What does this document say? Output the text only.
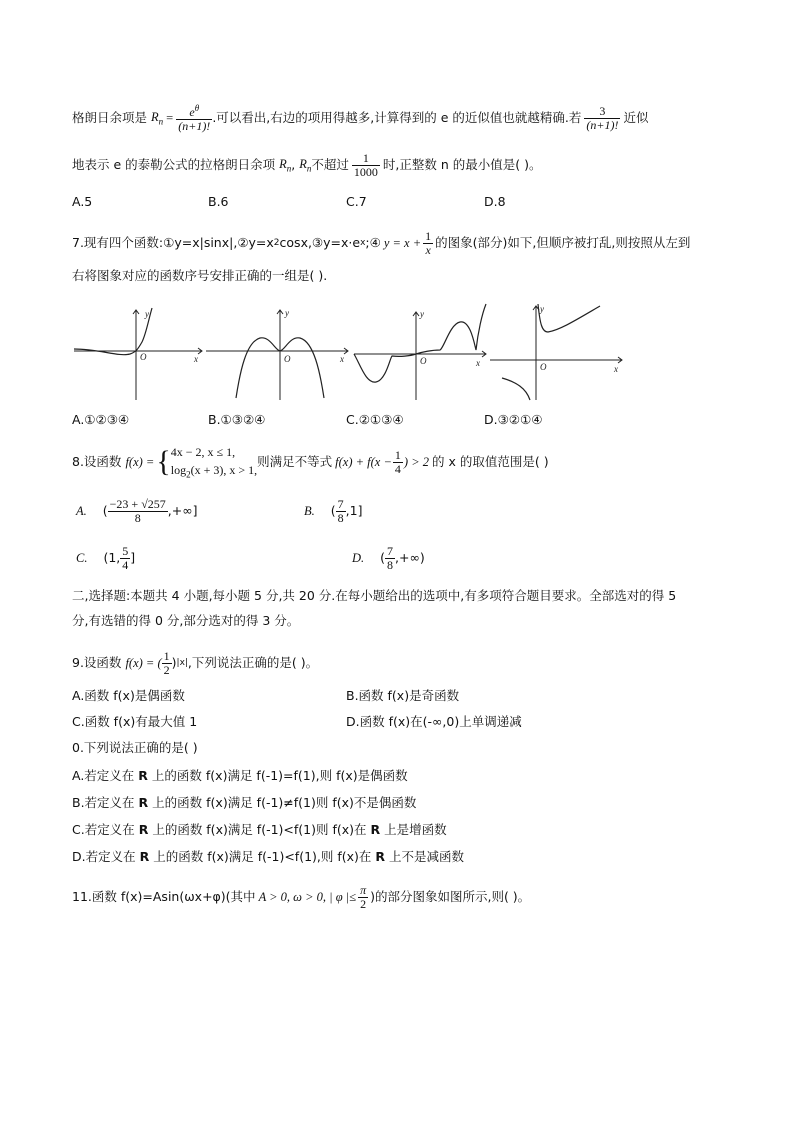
格朗日余项是 $R_n = \frac{e^\theta}{(n+1)!}$ .可以看出,右边的项用得越多,计算得到的 e 的近似值也就越精确.若 $\frac{3}{(n+1)!}$ 近似
地表示 e 的泰勒公式的拉格朗日余项 $R_n$ , $R_n$ 不超过 $\frac{1}{1000}$ 时,正整数 n 的最小值是( ) 。
A.5	B.6	C.7	D.8
7.现有四个函数:①y=x|sinx|,②y=x 2 cosx,③y=x·e x ;④ $y = x + \frac{1}{x}$ 的图象(部分)如下,但顺序被打乱,则按照从左到
右将图象对应的函数序号安排正确的一组是( ).
y
x
O
y
x
O
y
x
O
y
x
O
A.①②③④	B.①③②④	C.②①③④	D.③②①④
8.设函数 f(x) = { 4x − 2, x ≤ 1,
$\log_2(x + 3)$, x > 1,
则满足不等式 $f(x) + f(x - \frac{1}{4}$ ) > 2 的 x 的取值范围是( )
A. ( $\frac{-23 + √257}{8}$ ,+∞]	B. ( $\frac{7}{8} ,1$]
C. (1, $\frac{5}{4}$ ]	D. ( $\frac{7}{8}$ ,+∞)
二,选择题:本题共 4 小题,每小题 5 分,共 20 分.在每小题给出的选项中,有多项符合题目要求。全部选对的得 5
分,有选错的得 0 分,部分选对的得 3 分。
9.设函数 f(x) = ( $\frac{1}{2}$ ) |x| ,下列说法正确的是( ) 。
A.函数 f(x)是偶函数	B.函数 f(x)是奇函数
C.函数 f(x)有最大值 1	D.函数 f(x)在(-∞,0)上单调递减
0.下列说法正确的是( )
A.若定义在 R 上的函数 f(x)满足 f(-1)=f(1),则 f(x)是偶函数
B.若定义在 R 上的函数 f(x)满足 f(-1)≠f(1)则 f(x)不是偶函数
C.若定义在 R 上的函数 f(x)满足 f(-1)<f(1)则 f(x)在 R 上是增函数
D.若定义在 R 上的函数 f(x)满足 f(-1)<f(1),则 f(x)在 R 上不是减函数
11.函数 f(x)=Asin(ωx+φ)(其中 A > 0, ω > 0, | φ |≤ $\frac{\pi}{2}$ )的部分图象如图所示,则( ) 。
